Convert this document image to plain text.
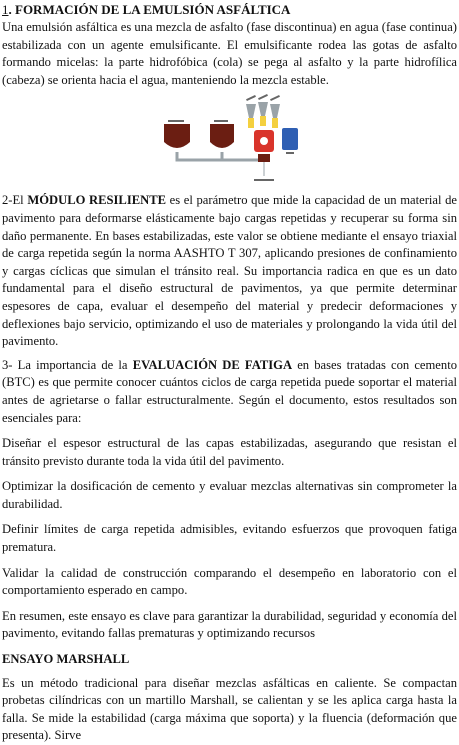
1. FORMACIÓN DE LA EMULSIÓN ASFÁLTICA

Una emulsión asfáltica es una mezcla de asfalto (fase discontinua) en agua (fase continua) estabilizada con un agente emulsificante. El emulsificante rodea las gotas de asfalto formando micelas: la parte hidrofóbica (cola) se pega al asfalto y la parte hidrofílica (cabeza) se orienta hacia el agua, manteniendo la mezcla estable.

2-El MÓDULO RESILIENTE es el parámetro que mide la capacidad de un material de pavimento para deformarse elásticamente bajo cargas repetidas y recuperar su forma sin daño permanente. En bases estabilizadas, este valor se obtiene mediante el ensayo triaxial de carga repetida según la norma AASHTO T 307, aplicando presiones de confinamiento y cargas cíclicas que simulan el tránsito real. Su importancia radica en que es un dato fundamental para el diseño estructural de pavimentos, ya que permite determinar espesores de capa, evaluar el desempeño del material y predecir deformaciones y deflexiones bajo servicio, optimizando el uso de materiales y prolongando la vida útil del pavimento.

3- La importancia de la EVALUACIÓN DE FATIGA en bases tratadas con cemento (BTC) es que permite conocer cuántos ciclos de carga repetida puede soportar el material antes de agrietarse o fallar estructuralmente. Según el documento, estos resultados son esenciales para:

Diseñar el espesor estructural de las capas estabilizadas, asegurando que resistan el tránsito previsto durante toda la vida útil del pavimento.

Optimizar la dosificación de cemento y evaluar mezclas alternativas sin comprometer la durabilidad.

Definir límites de carga repetida admisibles, evitando esfuerzos que provoquen fatiga prematura.

Validar la calidad de construcción comparando el desempeño en laboratorio con el comportamiento esperado en campo.

En resumen, este ensayo es clave para garantizar la durabilidad, seguridad y economía del pavimento, evitando fallas prematuras y optimizando recursos

ENSAYO MARSHALL

Es un método tradicional para diseñar mezclas asfálticas en caliente. Se compactan probetas cilíndricas con un martillo Marshall, se calientan y se les aplica carga hasta la falla. Se mide la estabilidad (carga máxima que soporta) y la fluencia (deformación que presenta). Sirve
